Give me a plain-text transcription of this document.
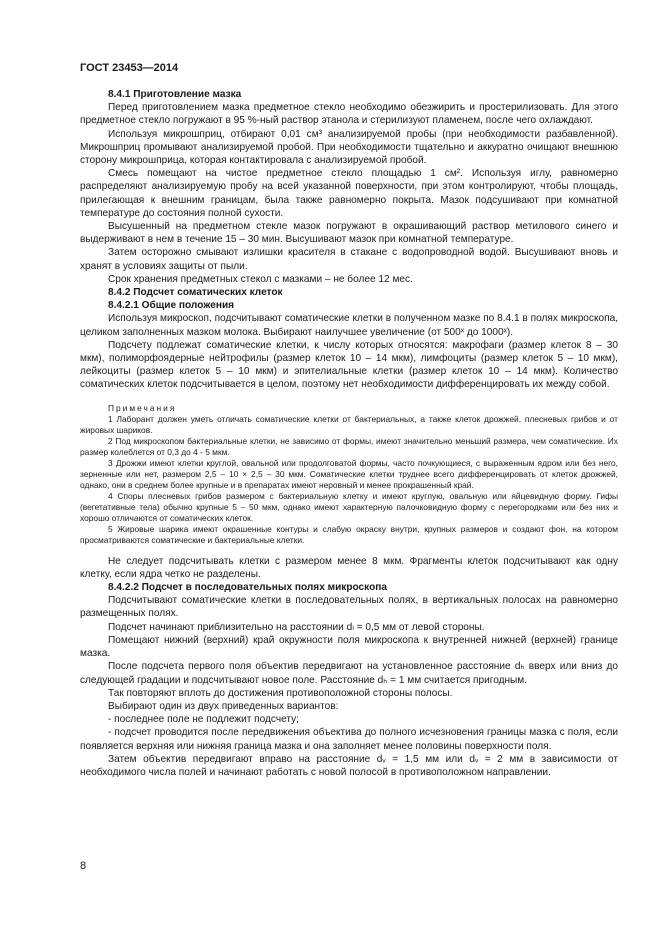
ГОСТ 23453—2014

8.4.1 Приготовление мазка

Перед приготовлением мазка предметное стекло необходимо обезжирить и простерилизовать. Для этого предметное стекло погружают в 95 %-ный раствор этанола и стерилизуют пламенем, после чего охлаждают.

Используя микрошприц, отбирают 0,01 см³ анализируемой пробы (при необходимости разбавленной). Микрошприц промывают анализируемой пробой. При необходимости тщательно и аккуратно очищают внешнюю сторону микрошприца, которая контактировала с анализируемой пробой.

Смесь помещают на чистое предметное стекло площадью 1 см². Используя иглу, равномерно распределяют анализируемую пробу на всей указанной поверхности, при этом контролируют, чтобы площадь, прилегающая к внешним границам, была также равномерно покрыта. Мазок подсушивают при комнатной температуре до состояния полной сухости.

Высушенный на предметном стекле мазок погружают в окрашивающий раствор метилового синего и выдерживают в нем в течение 15 – 30 мин. Высушивают мазок при комнатной температуре.

Затем осторожно смывают излишки красителя в стакане с водопроводной водой. Высушивают вновь и хранят в условиях защиты от пыли.

Срок хранения предметных стекол с мазками – не более 12 мес.

8.4.2 Подсчет соматических клеток

8.4.2.1 Общие положения

Используя микроскоп, подсчитывают соматические клетки в полученном мазке по 8.4.1 в полях микроскопа, целиком заполненных мазком молока. Выбирают наилучшее увеличение (от 500ˣ до 1000ˣ).

Подсчету подлежат соматические клетки, к числу которых относятся: макрофаги (размер клеток 8 – 30 мкм), полиморфоядерные нейтрофилы (размер клеток 10 – 14 мкм), лимфоциты (размер клеток 5 – 10 мкм), лейкоциты (размер клеток 5 – 10 мкм) и эпителиальные клетки (размер клеток 10 – 14 мкм). Количество соматических клеток подсчитывается в целом, поэтому нет необходимости дифференцировать их между собой.

Примечания

1 Лаборант должен уметь отличать соматические клетки от бактериальных, а также клеток дрожжей, плесневых грибов и от жировых шариков.

2 Под микроскопом бактериальные клетки, не зависимо от формы, имеют значительно меньший размера, чем соматические. Их размер колеблется от 0,3 до 4 - 5 мкм.

3 Дрожжи имеют клетки круглой, овальной или продолговатой формы, часто почкующиеся, с выраженным ядром или без него, зерненные или нет, размером 2,5 – 10 × 2,5 – 30 мкм. Соматические клетки труднее всего дифференцировать от клеток дрожжей, однако, они в среднем более крупные и в препаратах имеют неровный и менее прокрашенный край.

4 Споры плесневых грибов размером с бактериальную клетку и имеют круглую, овальную или яйцевидную форму. Гифы (вегетативные тела) обычно крупные 5 – 50 мкм, однако имеют характерную палочковидную форму с перегородками или без них и хорошо отличаются от соматических клеток.

5 Жировые шарика имеют окрашенные контуры и слабую окраску внутри, крупных размеров и создают фон, на котором просматриваются соматические и бактериальные клетки.

Не следует подсчитывать клетки с размером менее 8 мкм. Фрагменты клеток подсчитывают как одну клетку, если ядра четко не разделены.

8.4.2.2 Подсчет в последовательных полях микроскопа

Подсчитывают соматические клетки в последовательных полях, в вертикальных полосах на равномерно размещенных полях.

Подсчет начинают приблизительно на расстоянии dₗ = 0,5 мм от левой стороны.

Помещают нижний (верхний) край окружности поля микроскопа к внутренней нижней (верхней) границе мазка.

После подсчета первого поля объектив передвигают на установленное расстояние dₕ вверх или вниз до следующей градации и подсчитывают новое поле. Расстояние dₕ = 1 мм считается пригодным.

Так повторяют вплоть до достижения противоположной стороны полосы.

Выбирают один из двух приведенных вариантов:

- последнее поле не подлежит подсчету;

- подсчет проводится после передвижения объектива до полного исчезновения границы мазка с поля, если появляется верхняя или нижняя граница мазка и она заполняет менее половины поверхности поля.

Затем объектив передвигают вправо на расстояние dᵥ = 1,5 мм или dᵥ = 2 мм в зависимости от необходимого числа полей и начинают работать с новой полосой в противоположном направлении.

8
